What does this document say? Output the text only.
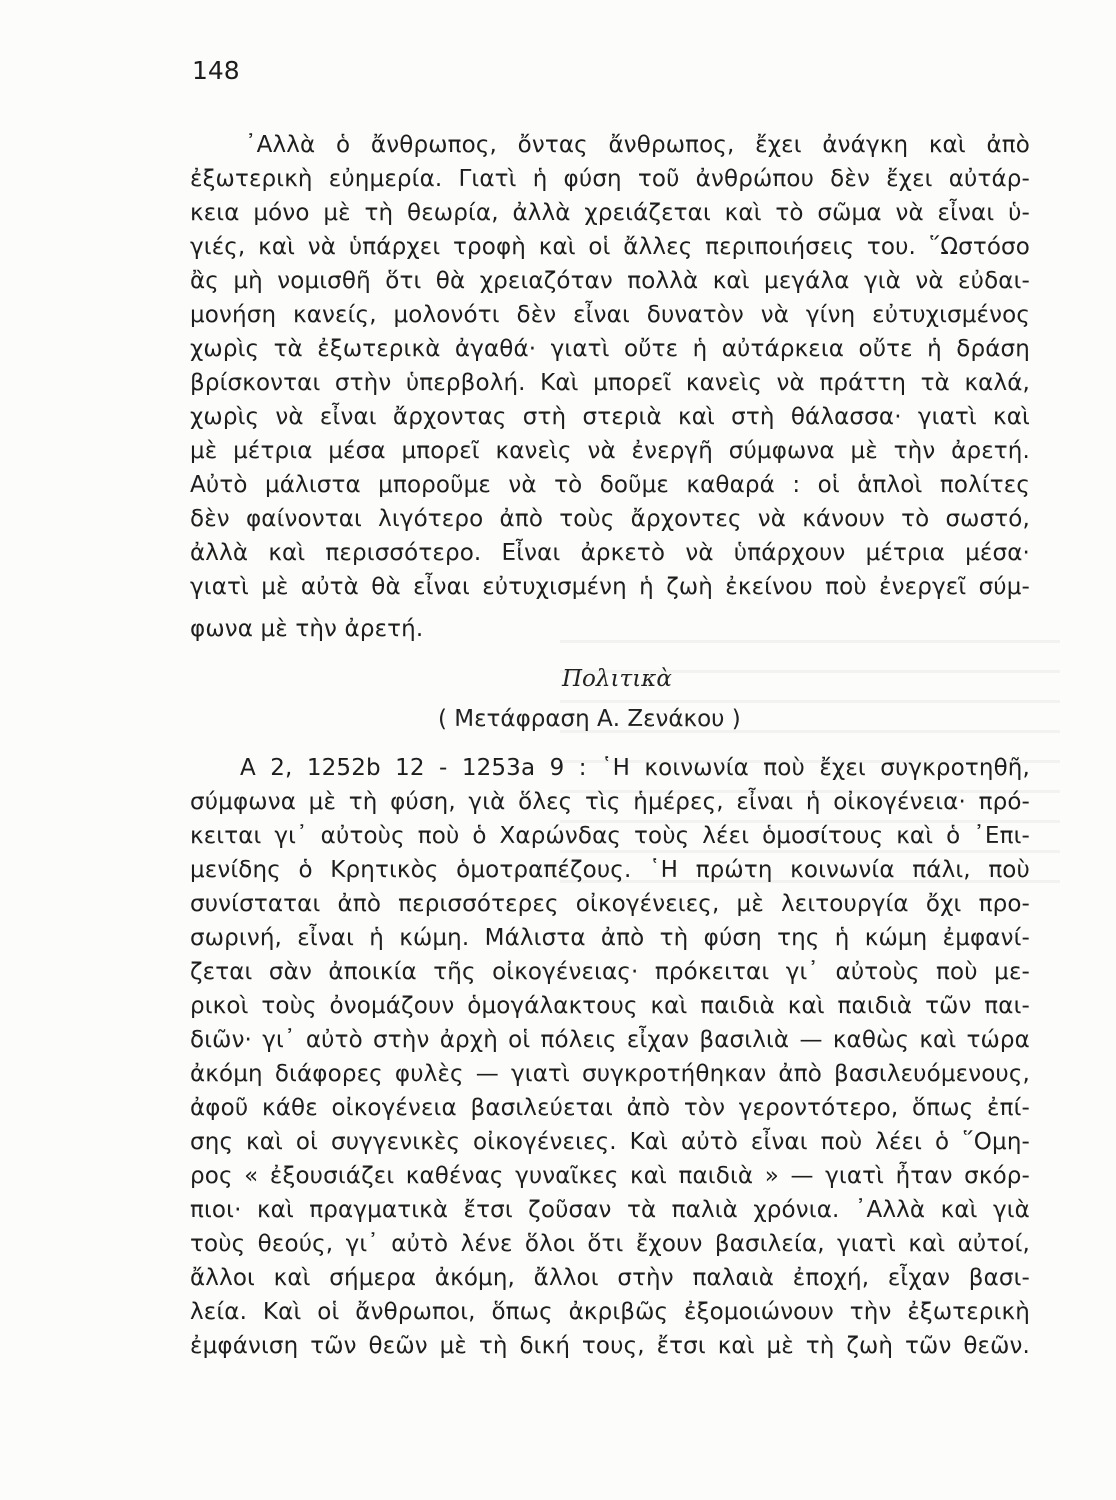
148
᾽Αλλὰ ὁ ἄνθρωπος, ὄντας ἄνθρωπος, ἔχει ἀνάγκη καὶ ἀπὸ
ἐξωτερικὴ εὐημερία. Γιατὶ ἡ φύση τοῦ ἀνθρώπου δὲν ἔχει αὐτάρ-
κεια μόνο μὲ τὴ θεωρία, ἀλλὰ χρειάζεται καὶ τὸ σῶμα νὰ εἶναι ὑ-
γιές, καὶ νὰ ὑπάρχει τροφὴ καὶ οἱ ἄλλες περιποιήσεις του. ῞Ωστόσο
ἂς μὴ νομισθῆ ὅτι θὰ χρειαζόταν πολλὰ καὶ μεγάλα γιὰ νὰ εὐδαι-
μονήση κανείς, μολονότι δὲν εἶναι δυνατὸν νὰ γίνη εὐτυχισμένος
χωρὶς τὰ ἐξωτερικὰ ἀγαθά· γιατὶ οὔτε ἡ αὐτάρκεια οὔτε ἡ δράση
βρίσκονται στὴν ὑπερβολή. Καὶ μπορεῖ κανεὶς νὰ πράττη τὰ καλά,
χωρὶς νὰ εἶναι ἄρχοντας στὴ στεριὰ καὶ στὴ θάλασσα· γιατὶ καὶ
μὲ μέτρια μέσα μπορεῖ κανεὶς νὰ ἐνεργῆ σύμφωνα μὲ τὴν ἀρετή.
Αὐτὸ μάλιστα μποροῦμε νὰ τὸ δοῦμε καθαρά : οἱ ἁπλοὶ πολίτες
δὲν φαίνονται λιγότερο ἀπὸ τοὺς ἄρχοντες νὰ κάνουν τὸ σωστό,
ἀλλὰ καὶ περισσότερο. Εἶναι ἀρκετὸ νὰ ὑπάρχουν μέτρια μέσα·
γιατὶ μὲ αὐτὰ θὰ εἶναι εὐτυχισμένη ἡ ζωὴ ἐκείνου ποὺ ἐνεργεῖ σύμ-
φωνα μὲ τὴν ἀρετή.
Πολιτικὰ
( Μετάφραση Α. Ζενάκου )
Α 2, 1252b 12 - 1253a 9 : ῾Η κοινωνία ποὺ ἔχει συγκροτηθῆ,
σύμφωνα μὲ τὴ φύση, γιὰ ὅλες τὶς ἡμέρες, εἶναι ἡ οἰκογένεια· πρό-
κειται γι᾽ αὐτοὺς ποὺ ὁ Χαρώνδας τοὺς λέει ὁμοσίτους καὶ ὁ ᾽Επι-
μενίδης ὁ Κρητικὸς ὁμοτραπέζους. ῾Η πρώτη κοινωνία πάλι, ποὺ
συνίσταται ἀπὸ περισσότερες οἰκογένειες, μὲ λειτουργία ὄχι προ-
σωρινή, εἶναι ἡ κώμη. Μάλιστα ἀπὸ τὴ φύση της ἡ κώμη ἐμφανί-
ζεται σὰν ἀποικία τῆς οἰκογένειας· πρόκειται γι᾽ αὐτοὺς ποὺ με-
ρικοὶ τοὺς ὀνομάζουν ὁμογάλακτους καὶ παιδιὰ καὶ παιδιὰ τῶν παι-
διῶν· γι᾽ αὐτὸ στὴν ἀρχὴ οἱ πόλεις εἶχαν βασιλιὰ — καθὼς καὶ τώρα
ἀκόμη διάφορες φυλὲς — γιατὶ συγκροτήθηκαν ἀπὸ βασιλευόμενους,
ἀφοῦ κάθε οἰκογένεια βασιλεύεται ἀπὸ τὸν γεροντότερο, ὅπως ἐπί-
σης καὶ οἱ συγγενικὲς οἰκογένειες. Καὶ αὐτὸ εἶναι ποὺ λέει ὁ ῞Ομη-
ρος « ἐξουσιάζει καθένας γυναῖκες καὶ παιδιὰ » — γιατὶ ἦταν σκόρ-
πιοι· καὶ πραγματικὰ ἔτσι ζοῦσαν τὰ παλιὰ χρόνια. ᾽Αλλὰ καὶ γιὰ
τοὺς θεούς, γι᾽ αὐτὸ λένε ὅλοι ὅτι ἔχουν βασιλεία, γιατὶ καὶ αὐτοί,
ἄλλοι καὶ σήμερα ἀκόμη, ἄλλοι στὴν παλαιὰ ἐποχή, εἶχαν βασι-
λεία. Καὶ οἱ ἄνθρωποι, ὅπως ἀκριβῶς ἐξομοιώνουν τὴν ἐξωτερικὴ
ἐμφάνιση τῶν θεῶν μὲ τὴ δική τους, ἔτσι καὶ μὲ τὴ ζωὴ τῶν θεῶν.
